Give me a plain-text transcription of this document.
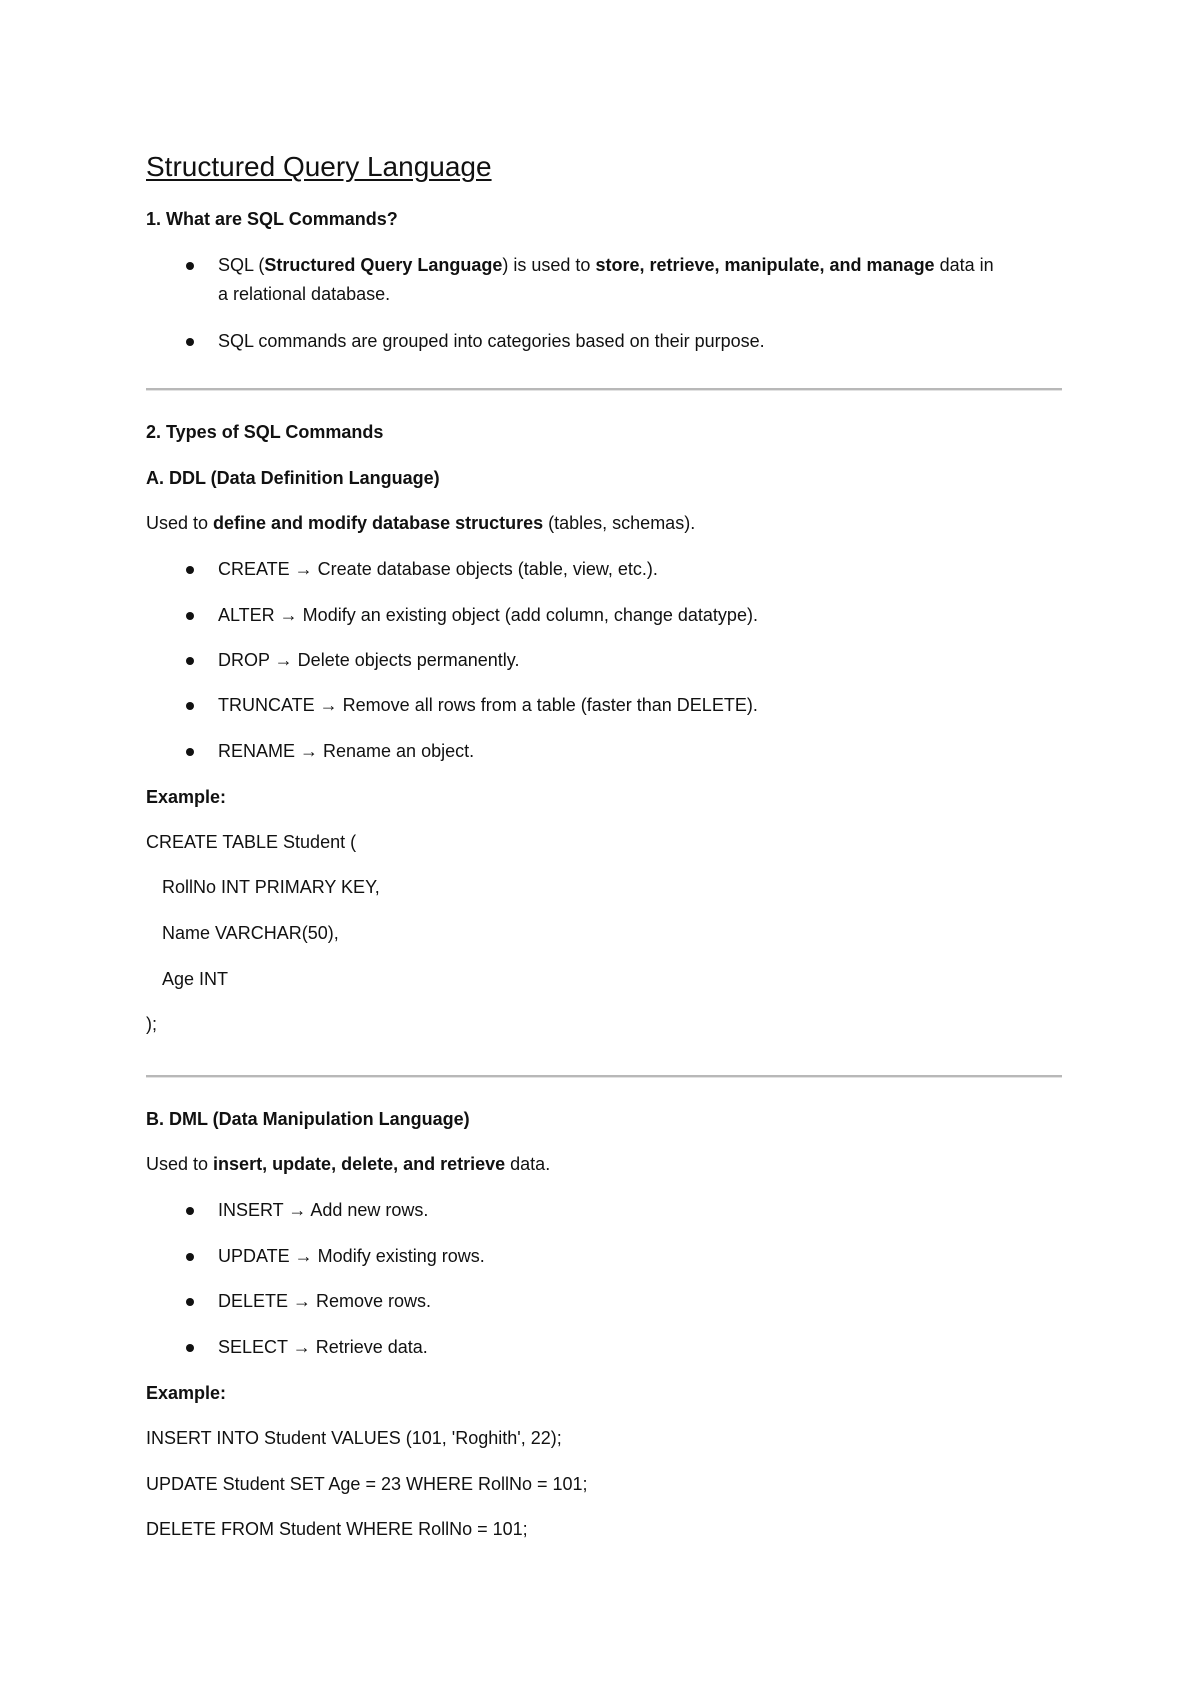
Structured Query Language
1. What are SQL Commands?
SQL (Structured Query Language) is used to store, retrieve, manipulate, and manage data in
a relational database.
SQL commands are grouped into categories based on their purpose.
2. Types of SQL Commands
A. DDL (Data Definition Language)
Used to define and modify database structures (tables, schemas).
CREATE → Create database objects (table, view, etc.).
ALTER → Modify an existing object (add column, change datatype).
DROP → Delete objects permanently.
TRUNCATE → Remove all rows from a table (faster than DELETE).
RENAME → Rename an object.
Example:
CREATE TABLE Student (
RollNo INT PRIMARY KEY,
Name VARCHAR(50),
Age INT
);
B. DML (Data Manipulation Language)
Used to insert, update, delete, and retrieve data.
INSERT → Add new rows.
UPDATE → Modify existing rows.
DELETE → Remove rows.
SELECT → Retrieve data.
Example:
INSERT INTO Student VALUES (101, 'Roghith', 22);
UPDATE Student SET Age = 23 WHERE RollNo = 101;
DELETE FROM Student WHERE RollNo = 101;
